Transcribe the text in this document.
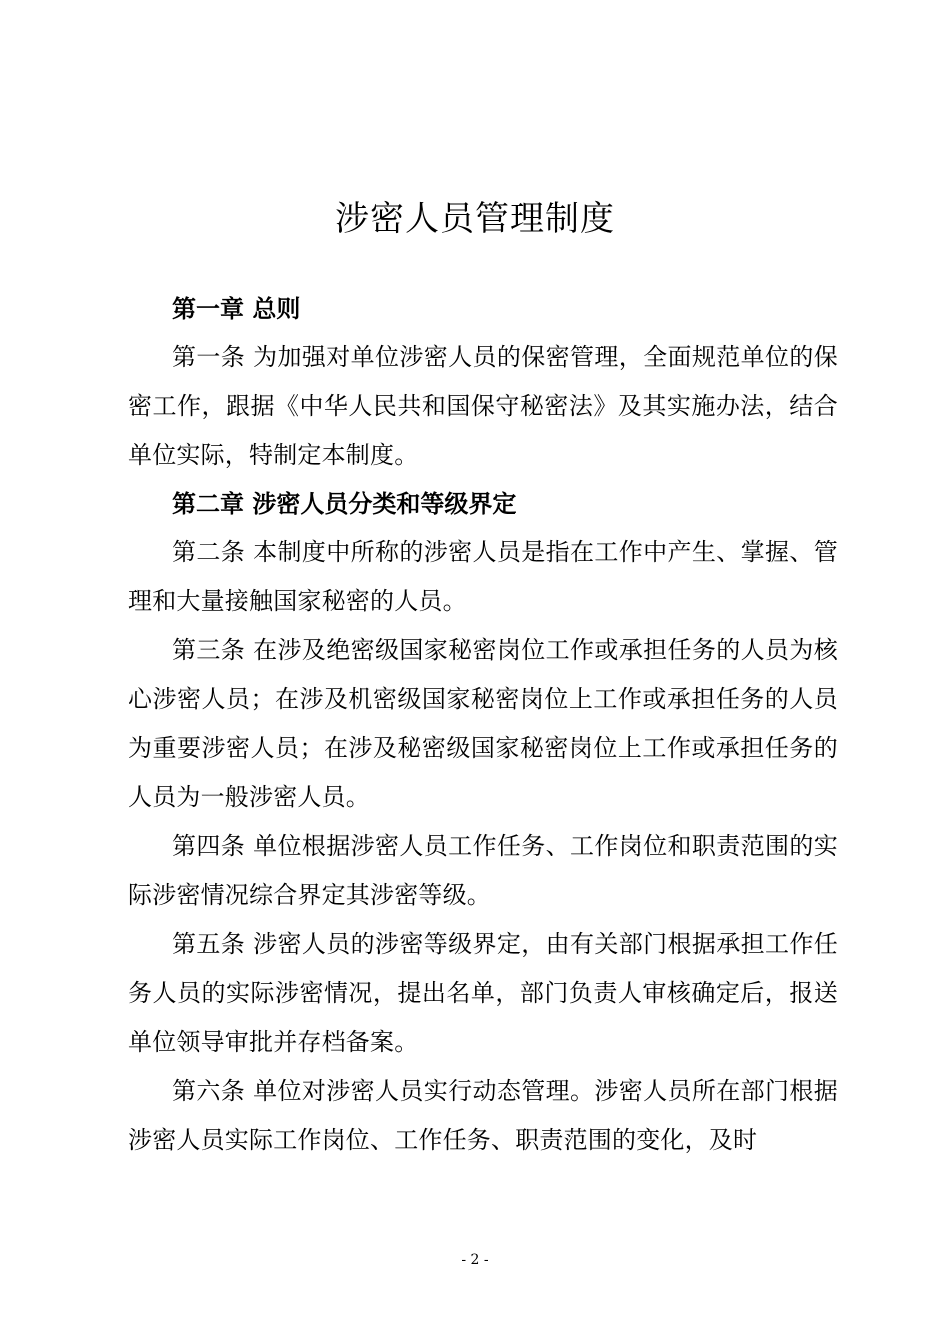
涉密人员管理制度

第一章 总则

第一条 为加强对单位涉密人员的保密管理，全面规范单位的保密工作，跟据《中华人民共和国保守秘密法》及其实施办法，结合单位实际，特制定本制度。

第二章 涉密人员分类和等级界定

第二条 本制度中所称的涉密人员是指在工作中产生、掌握、管理和大量接触国家秘密的人员。

第三条 在涉及绝密级国家秘密岗位工作或承担任务的人员为核心涉密人员；在涉及机密级国家秘密岗位上工作或承担任务的人员为重要涉密人员；在涉及秘密级国家秘密岗位上工作或承担任务的人员为一般涉密人员。

第四条 单位根据涉密人员工作任务、工作岗位和职责范围的实际涉密情况综合界定其涉密等级。

第五条 涉密人员的涉密等级界定，由有关部门根据承担工作任务人员的实际涉密情况，提出名单，部门负责人审核确定后，报送单位领导审批并存档备案。

第六条 单位对涉密人员实行动态管理。涉密人员所在部门根据涉密人员实际工作岗位、工作任务、职责范围的变化，及时

- 2 -
